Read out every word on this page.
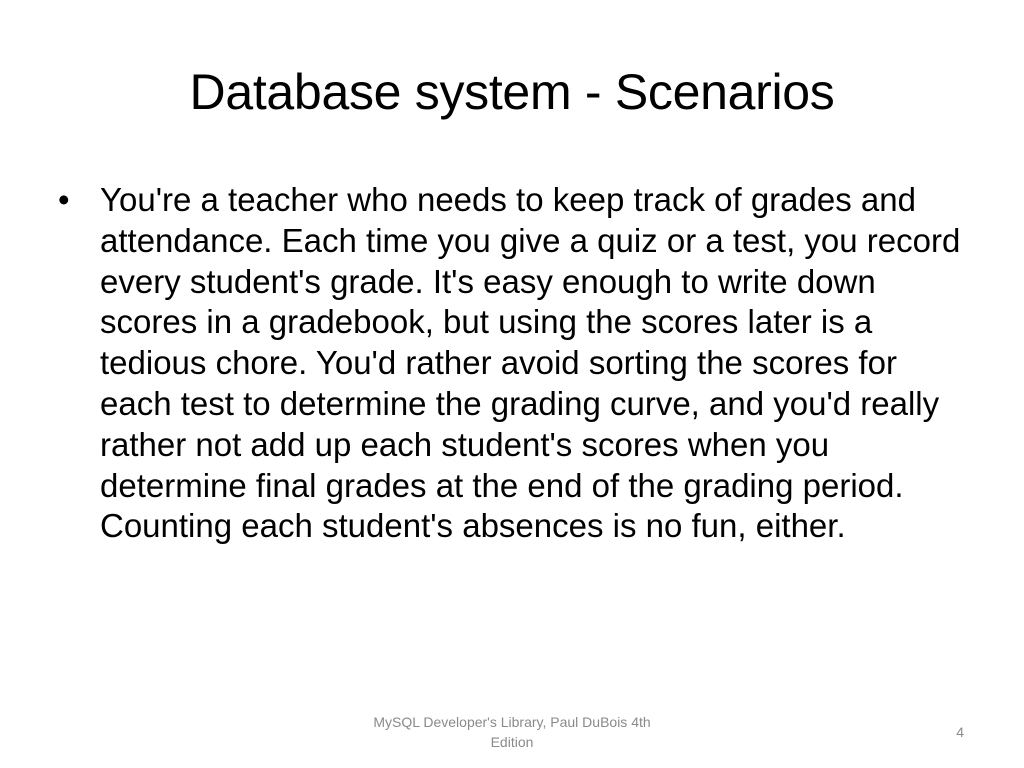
Database system - Scenarios
• You're a teacher who needs to keep track of grades and attendance. Each time you give a quiz or a test, you record every student's grade. It's easy enough to write down scores in a gradebook, but using the scores later is a tedious chore. You'd rather avoid sorting the scores for each test to determine the grading curve, and you'd really rather not add up each student's scores when you determine final grades at the end of the grading period. Counting each student's absences is no fun, either.
MySQL Developer's Library, Paul DuBois 4th Edition
4
